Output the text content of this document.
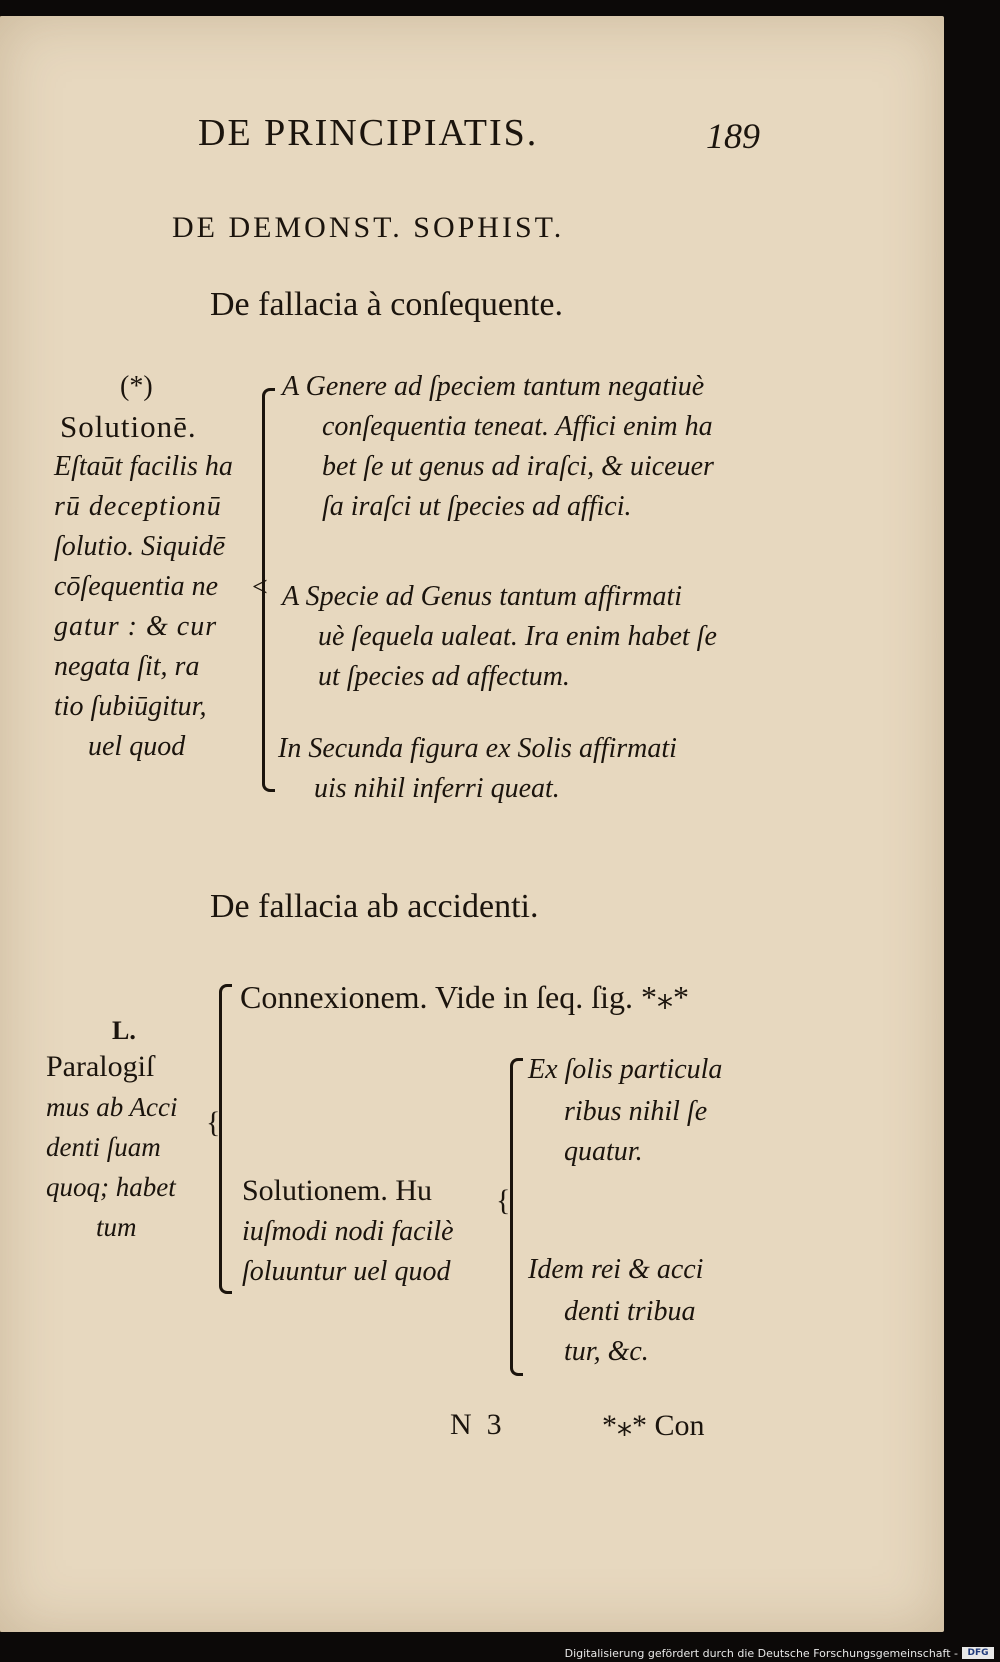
DE PRINCIPIATIS.	189
DE DEMONST. SOPHIST.
De fallacia à conſequente.
(*)
Solutionē.
Eſtaūt facilis ha
rū deceptionū
ſolutio. Siquidē
cōſequentia ne
gatur : & cur
negata ſit, ra
tio ſubiūgitur,
uel quod
<
A Genere ad ſpeciem tantum negatiuè
conſequentia teneat. Affici enim ha
bet ſe ut genus ad iraſci, & uiceuer
ſa iraſci ut ſpecies ad affici.
A Specie ad Genus tantum affirmati
uè ſequela ualeat. Ira enim habet ſe
ut ſpecies ad affectum.
In Secunda figura ex Solis affirmati
uis nihil inferri queat.
De fallacia ab accidenti.
L.
Paralogiſ
mus ab Acci
denti ſuam
quoq; habet
tum
{
Connexionem. Vide in ſeq. ſig. *⁎*
Solutionem. Hu
iuſmodi nodi facilè
ſoluuntur uel quod
{
Ex ſolis particula
ribus nihil ſe
quatur.
Idem rei & acci
denti tribua
tur, &c.
N  3	*⁎* Con
Digitalisierung gefördert durch die Deutsche Forschungsgemeinschaft -	DFG
